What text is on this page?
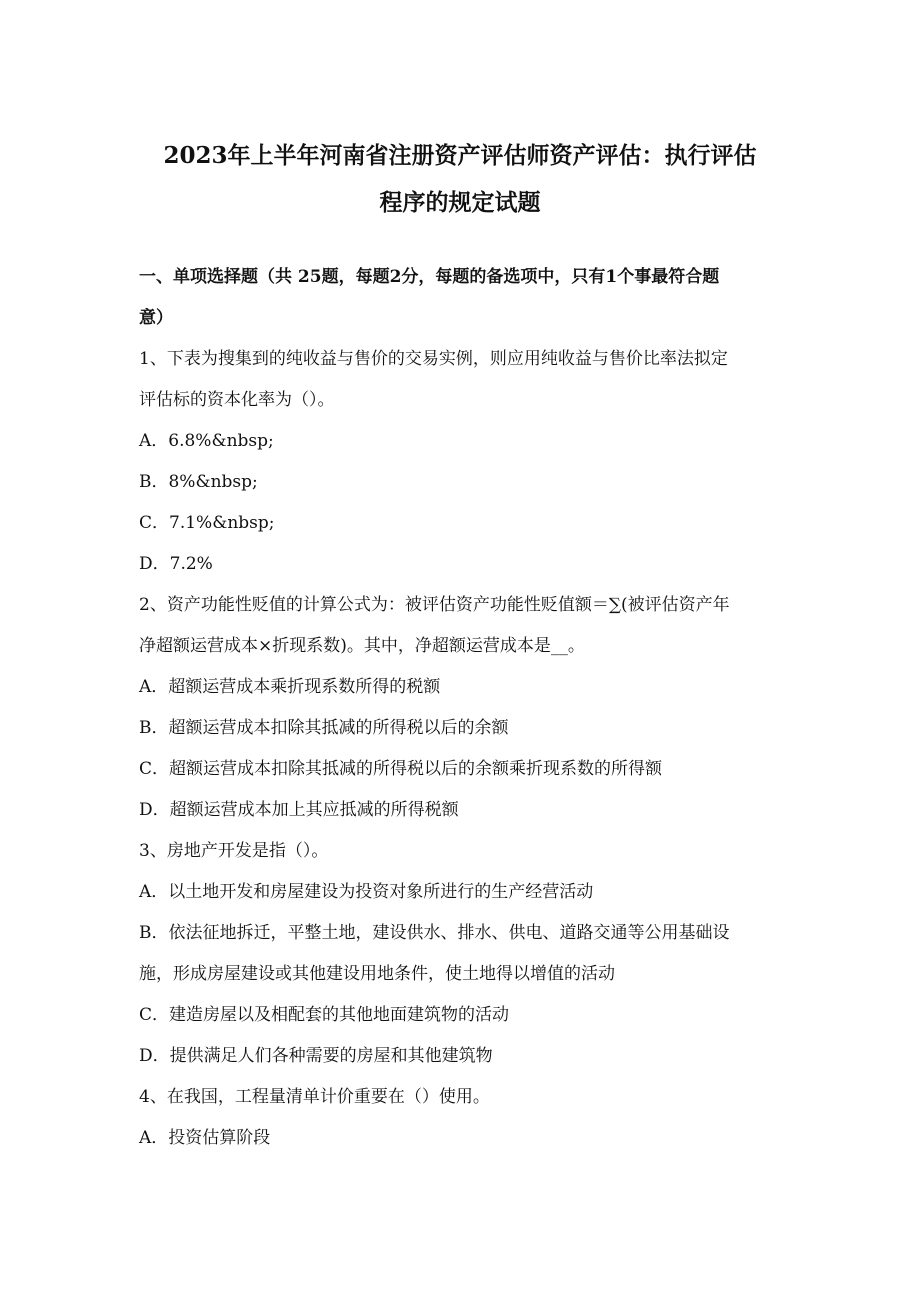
2023年上半年河南省注册资产评估师资产评估：执行评估
程序的规定试题
一、单项选择题（共 25题，每题2分，每题的备选项中，只有1个事最符合题
意）
1、下表为搜集到的纯收益与售价的交易实例，则应用纯收益与售价比率法拟定
评估标的资本化率为（）。
A．6.8%&nbsp;
B．8%&nbsp;
C．7.1%&nbsp;
D．7.2%
2、资产功能性贬值的计算公式为：被评估资产功能性贬值额＝∑(被评估资产年
净超额运营成本×折现系数)。其中，净超额运营成本是__。
A．超额运营成本乘折现系数所得的税额
B．超额运营成本扣除其抵减的所得税以后的余额
C．超额运营成本扣除其抵减的所得税以后的余额乘折现系数的所得额
D．超额运营成本加上其应抵减的所得税额
3、房地产开发是指（）。
A．以土地开发和房屋建设为投资对象所进行的生产经营活动
B．依法征地拆迁，平整土地，建设供水、排水、供电、道路交通等公用基础设
施，形成房屋建设或其他建设用地条件，使土地得以增值的活动
C．建造房屋以及相配套的其他地面建筑物的活动
D．提供满足人们各种需要的房屋和其他建筑物
4、在我国，工程量清单计价重要在（）使用。
A．投资估算阶段
